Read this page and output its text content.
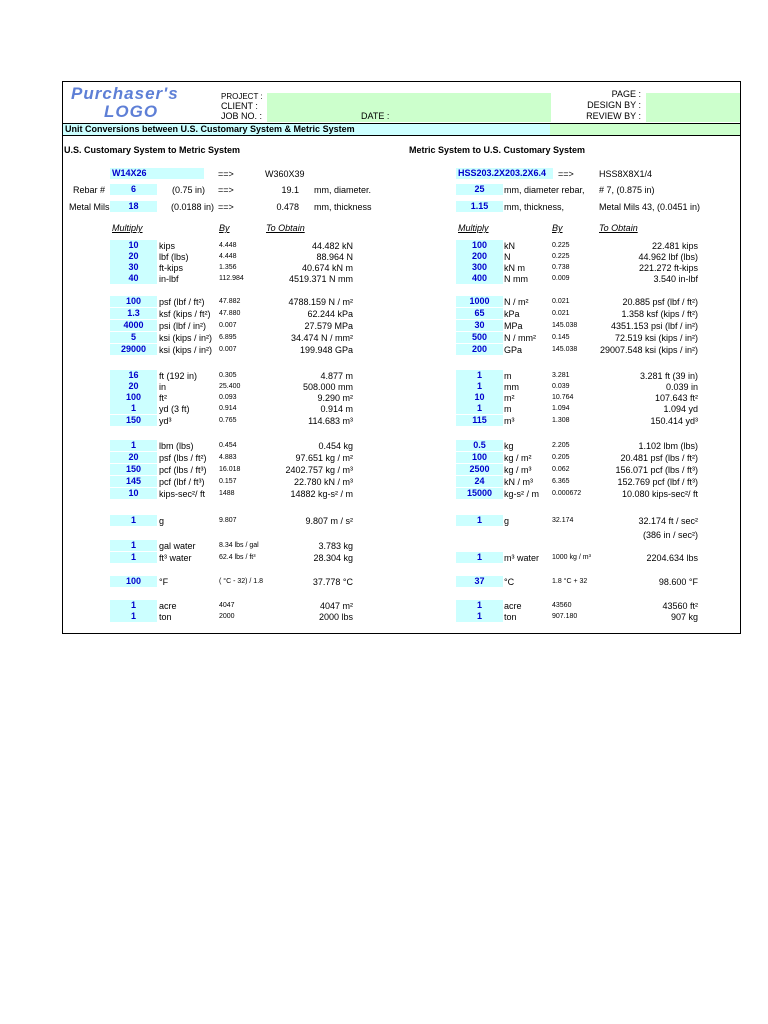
Purchaser's
LOGO
PROJECT :
CLIENT :
JOB NO. :	DATE :
PAGE :
DESIGN BY :
REVIEW BY :
Unit Conversions between U.S. Customary System & Metric System
U.S. Customary System to Metric System	Metric System to U.S. Customary System
W14X26	==>	W360X39
Rebar #	6	(0.75 in) ==>	19.1 mm, diameter.
Metal Mils	18	(0.0188 in) ==>	0.478 mm, thickness
HSS203.2X203.2X6.4	==>	HSS8X8X1/4
25	mm, diameter rebar, # 7, (0.875 in)
1.15	mm, thickness,	Metal Mils 43, (0.0451 in)
Multiply	By	To Obtain	Multiply	By	To Obtain
10	kips	4.448	44.482 kN
20	lbf (lbs)	4.448	88.964 N
30	ft-kips	1.356	40.674 kN m
40	in-lbf	112.984	4519.371 N mm
100	psf (lbf / ft²) 47.882	4788.159 N / m²
1.3	ksf (kips / ft²) 47.880	62.244 kPa
4000	psi (lbf / in²) 0.007	27.579 MPa
5	ksi (kips / in²) 6.895	34.474 N / mm²
29000	ksi (kips / in²) 0.007	199.948 GPa
16	ft (192 in)	0.305	4.877 m
20	in	25.400	508.000 mm
100	ft²	0.093	9.290 m²
1	yd (3 ft)	0.914	0.914 m
150	yd³	0.765	114.683 m³
1	lbm (lbs)	0.454	0.454 kg
20	psf (lbs / ft²) 4.883	97.651 kg / m²
150	pcf (lbs / ft³) 16.018	2402.757 kg / m³
145	pcf (lbf / ft³) 0.157	22.780 kN / m³
10	kips-sec²/ ft 1488	14882 kg-s² / m
1	g	9.807	9.807 m / s²
1	gal water	8.34 lbs / gal	3.783 kg
1	ft³ water	62.4 lbs / ft³	28.304 kg
100	°F	( °C - 32) / 1.8	37.778 °C
1	acre	4047	4047 m²
1	ton	2000	2000 lbs
100	kN	0.225	22.481 kips
200	N	0.225	44.962 lbf (lbs)
300	kN m	0.738	221.272 ft-kips
400	N mm	0.009	3.540 in-lbf
1000	N / m²	0.021	20.885 psf (lbf / ft²)
65	kPa	0.021	1.358 ksf (kips / ft²)
30	MPa	145.038	4351.153 psi (lbf / in²)
500	N / mm² 0.145	72.519 ksi (kips / in²)
200	GPa	145.038	29007.548 ksi (kips / in²)
1	m	3.281	3.281 ft (39 in)
1	mm	0.039	0.039 in
10	m²	10.764	107.643 ft²
1	m	1.094	1.094 yd
115	m³	1.308	150.414 yd³
0.5	kg	2.205	1.102 lbm (lbs)
100	kg / m²	0.205	20.481 psf (lbs / ft²)
2500	kg / m³	0.062	156.071 pcf (lbs / ft³)
24	kN / m³	6.365	152.769 pcf (lbf / ft³)
15000	kg-s² / m 0.000672	10.080 kips-sec²/ ft
1	g	32.174	32.174 ft / sec²
(386 in / sec²)
1	m³ water 1000 kg / m³	2204.634 lbs
37	°C	1.8 °C + 32	98.600 °F
1	acre	43560	43560 ft²
1	ton	907.180	907 kg
